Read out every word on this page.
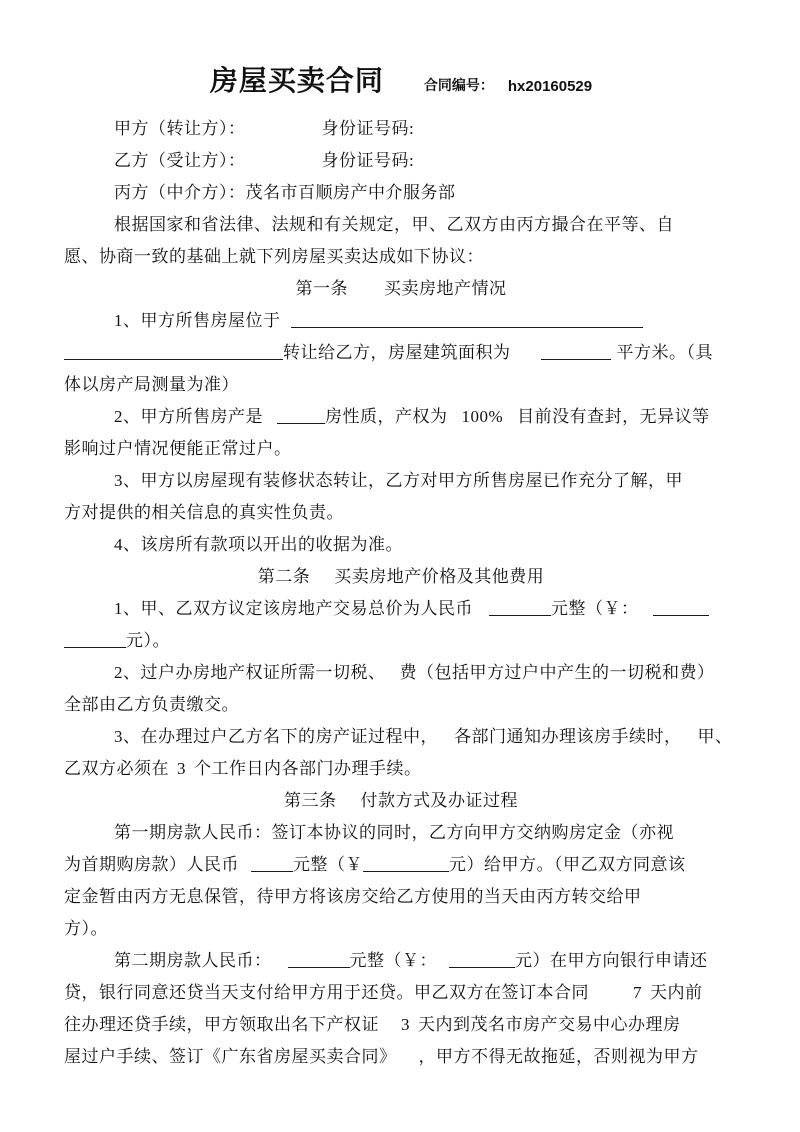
房屋买卖合同	合同编号： hx20160529

甲方（转让方）：	身份证号码:

乙方（受让方）：	身份证号码:

丙方（中介方）：茂名市百顺房产中介服务部

根据国家和省法律、法规和有关规定，甲、乙双方由丙方撮合在平等、自

愿、协商一致的基础上就下列房屋买卖达成如下协议：

第一条 买卖房地产情况

1、甲方所售房屋位于

转让给乙方，房屋建筑面积为	平方米。（具

体以房产局测量为准）

2、甲方所售房产是	房性质，产权为 100% 目前没有查封，无异议等

影响过户情况便能正常过户。

3、甲方以房屋现有装修状态转让，乙方对甲方所售房屋已作充分了解，甲

方对提供的相关信息的真实性负责。

4、该房所有款项以开出的收据为准。

第二条 买卖房地产价格及其他费用

1、甲、乙双方议定该房地产交易总价为人民币	元整（￥：

元）。

2、过户办房地产权证所需一切税、 费（包括甲方过户中产生的一切税和费）

全部由乙方负责缴交。

3、在办理过户乙方名下的房产证过程中， 各部门通知办理该房手续时， 甲、

乙双方必须在 3 个工作日内各部门办理手续。

第三条 付款方式及办证过程

第一期房款人民币：签订本协议的同时，乙方向甲方交纳购房定金（亦视

为首期购房款）人民币	元整（￥	元）给甲方。（甲乙双方同意该

定金暂由丙方无息保管，待甲方将该房交给乙方使用的当天由丙方转交给甲

方）。

第二期房款人民币：	元整（￥：	元）在甲方向银行申请还

贷，银行同意还贷当天支付给甲方用于还贷。甲乙双方在签订本合同	7 天内前

往办理还贷手续，甲方领取出名下产权证 3 天内到茂名市房产交易中心办理房

屋过户手续、签订《广东省房屋买卖合同》 ，甲方不得无故拖延，否则视为甲方
